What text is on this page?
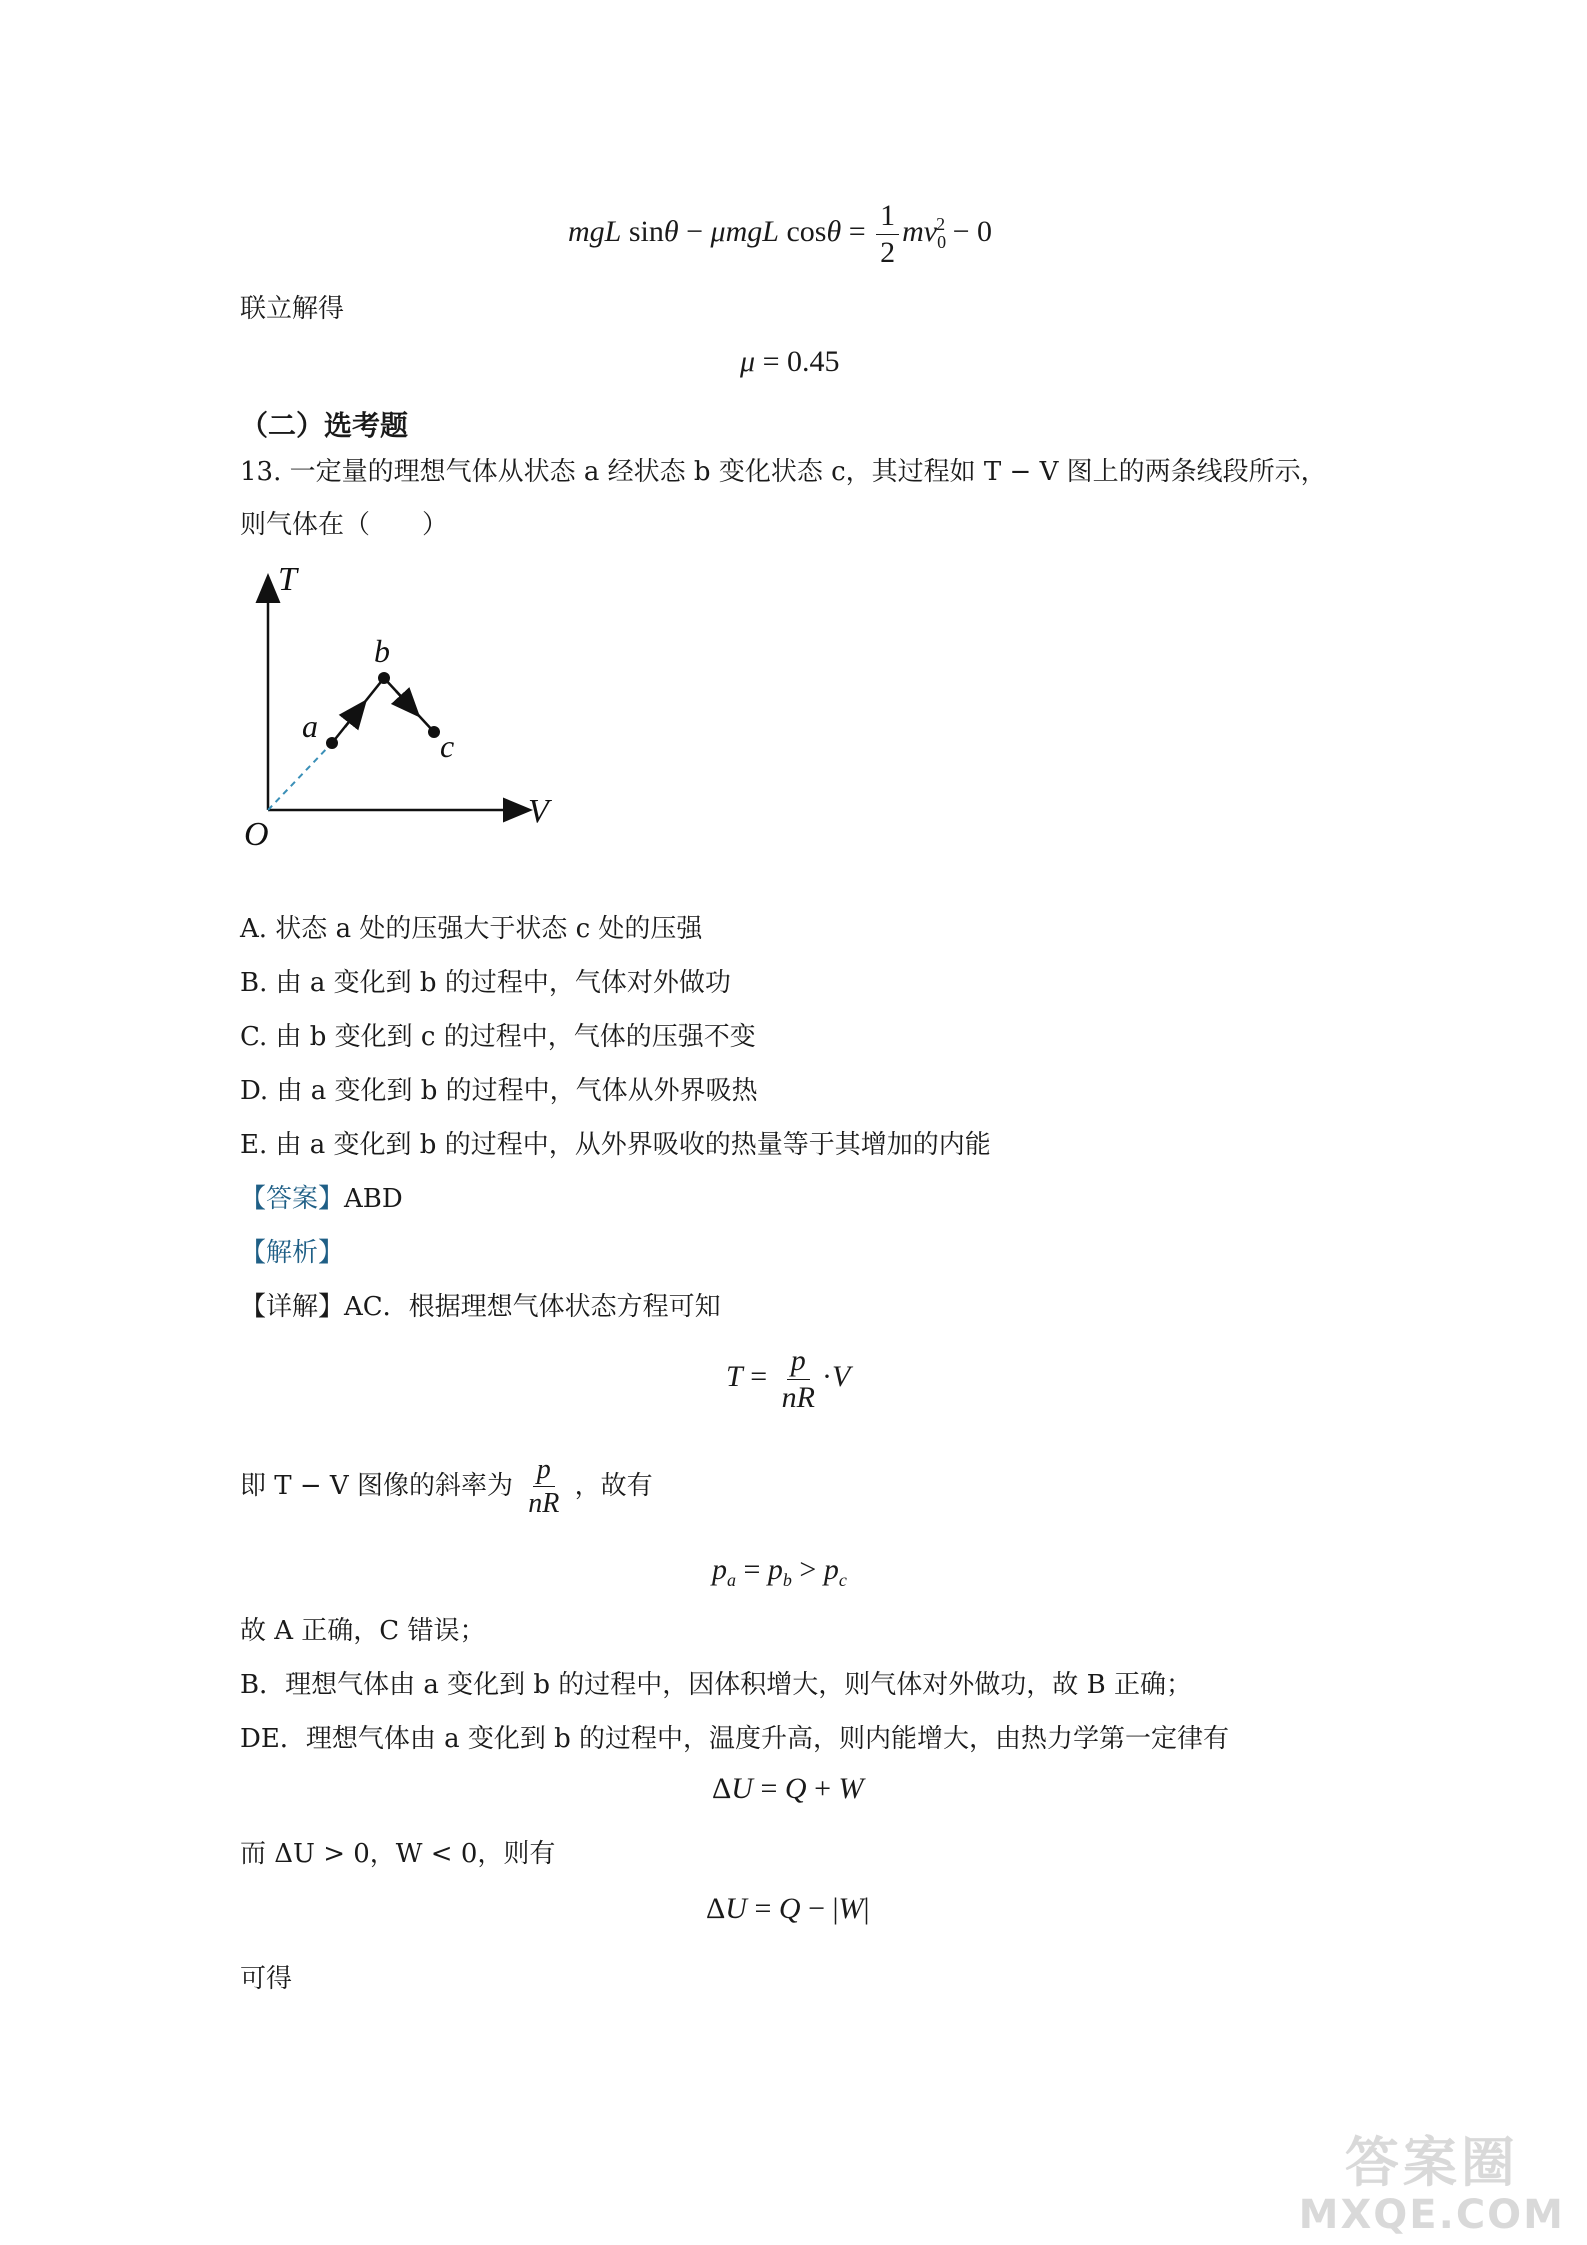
mgL sinθ − μmgL $\cos\theta = \frac{1}{2} mv_0^2 - 0$
联立解得
μ = 0.45
（二）选考题
13. 一定量的理想气体从状态 a 经状态 b 变化状态 c，其过程如 T − V 图上的两条线段所示，
则气体在（　　）
T
V
O
a
b
c
A. 状态 a 处的压强大于状态 c 处的压强
B. 由 a 变化到 b 的过程中，气体对外做功
C. 由 b 变化到 c 的过程中，气体的压强不变
D. 由 a 变化到 b 的过程中，气体从外界吸热
E. 由 a 变化到 b 的过程中，从外界吸收的热量等于其增加的内能
【答案】ABD
【解析】
【详解】AC．根据理想气体状态方程可知
$T = \frac{p}{nR} \cdot V$
即 T − V 图像的斜率为 $\frac{p}{nR}$ ，故有
$p_a = p_b > p_c$
故 A 正确，C 错误；
B．理想气体由 a 变化到 b 的过程中，因体积增大，则气体对外做功，故 B 正确；
DE．理想气体由 a 变化到 b 的过程中，温度升高，则内能增大，由热力学第一定律有
ΔU = Q + W
而 ΔU > 0，W < 0，则有
ΔU = Q − |W|
可得
答案圈
MXQE.COM
